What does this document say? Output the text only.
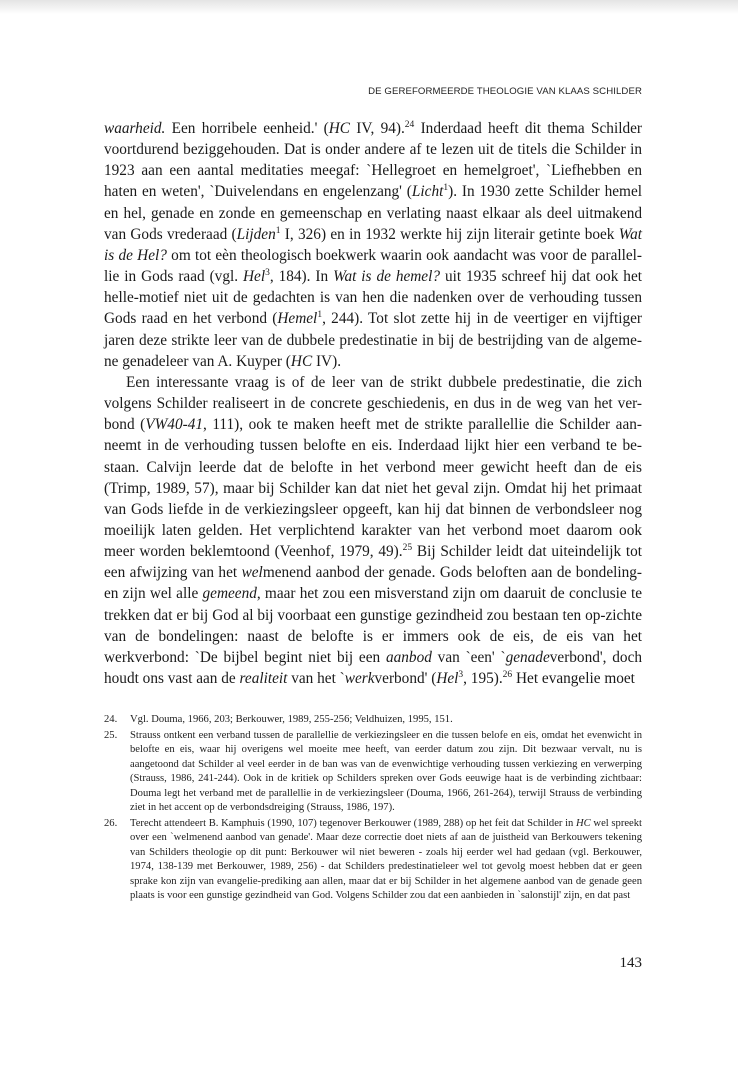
DE GEREFORMEERDE THEOLOGIE VAN KLAAS SCHILDER

waarheid. Een horribele eenheid.' (HC IV, 94).$^{24}$ Inderdaad heeft dit thema Schilder voortdurend beziggehouden. Dat is onder andere af te lezen uit de titels die Schilder in 1923 aan een aantal meditaties meegaf: `Hellegroet en hemelgroet', `Liefhebben en haten en weten', `Duivelendans en engelenzang' (Licht$^1$). In 1930 zette Schilder hemel en hel, genade en zonde en gemeenschap en verlating naast elkaar als deel uitmakend van Gods vrederaad (Lijden$^1$ I, 326) en in 1932 werkte hij zijn literair getinte boek Wat is de Hel? om tot eèn theologisch boekwerk waarin ook aandacht was voor de parallel-lie in Gods raad (vgl. Hel$^3$, 184). In Wat is de hemel? uit 1935 schreef hij dat ook het helle-motief niet uit de gedachten is van hen die nadenken over de verhouding tussen Gods raad en het verbond (Hemel$^1$, 244). Tot slot zette hij in de veertiger en vijftiger jaren deze strikte leer van de dubbele predestinatie in bij de bestrijding van de algeme-ne genadeleer van A. Kuyper (HC IV).

Een interessante vraag is of de leer van de strikt dubbele predestinatie, die zich volgens Schilder realiseert in de concrete geschiedenis, en dus in de weg van het ver-bond (VW40-41, 111), ook te maken heeft met de strikte parallellie die Schilder aan-neemt in de verhouding tussen belofte en eis. Inderdaad lijkt hier een verband te be-staan. Calvijn leerde dat de belofte in het verbond meer gewicht heeft dan de eis (Trimp, 1989, 57), maar bij Schilder kan dat niet het geval zijn. Omdat hij het primaat van Gods liefde in de verkiezingsleer opgeeft, kan hij dat binnen de verbondsleer nog moeilijk laten gelden. Het verplichtend karakter van het verbond moet daarom ook meer worden beklemtoond (Veenhof, 1979, 49).$^{25}$ Bij Schilder leidt dat uiteindelijk tot een afwijzing van het welmenend aanbod der genade. Gods beloften aan de bondeling-en zijn wel alle gemeend, maar het zou een misverstand zijn om daaruit de conclusie te trekken dat er bij God al bij voorbaat een gunstige gezindheid zou bestaan ten op-zichte van de bondelingen: naast de belofte is er immers ook de eis, de eis van het werkverbond: `De bijbel begint niet bij een aanbod van `een' `genadeverbond', doch houdt ons vast aan de realiteit van het `werkverbond' (Hel$^3$, 195).$^{26}$ Het evangelie moet

24.	Vgl. Douma, 1966, 203; Berkouwer, 1989, 255-256; Veldhuizen, 1995, 151.
25.	Strauss ontkent een verband tussen de parallellie de verkiezingsleer en die tussen belofe en eis, omdat het evenwicht in belofte en eis, waar hij overigens wel moeite mee heeft, van eerder datum zou zijn. Dit bezwaar vervalt, nu is aangetoond dat Schilder al veel eerder in de ban was van de evenwichtige verhouding tussen verkiezing en verwerping (Strauss, 1986, 241-244). Ook in de kritiek op Schilders spreken over Gods eeuwige haat is de verbinding zichtbaar: Douma legt het verband met de parallellie in de verkiezingsleer (Douma, 1966, 261-264), terwijl Strauss de verbinding ziet in het accent op de verbondsdreiging (Strauss, 1986, 197).
26.	Terecht attendeert B. Kamphuis (1990, 107) tegenover Berkouwer (1989, 288) op het feit dat Schilder in HC wel spreekt over een `welmenend aanbod van genade'. Maar deze correctie doet niets af aan de juistheid van Berkouwers tekening van Schilders theologie op dit punt: Berkouwer wil niet beweren - zoals hij eerder wel had gedaan (vgl. Berkouwer, 1974, 138-139 met Berkouwer, 1989, 256) - dat Schilders predestinatieleer wel tot gevolg moest hebben dat er geen sprake kon zijn van evangelie-prediking aan allen, maar dat er bij Schilder in het algemene aanbod van de genade geen plaats is voor een gunstige gezindheid van God. Volgens Schilder zou dat een aanbieden in `salonstijl' zijn, en dat past
143
